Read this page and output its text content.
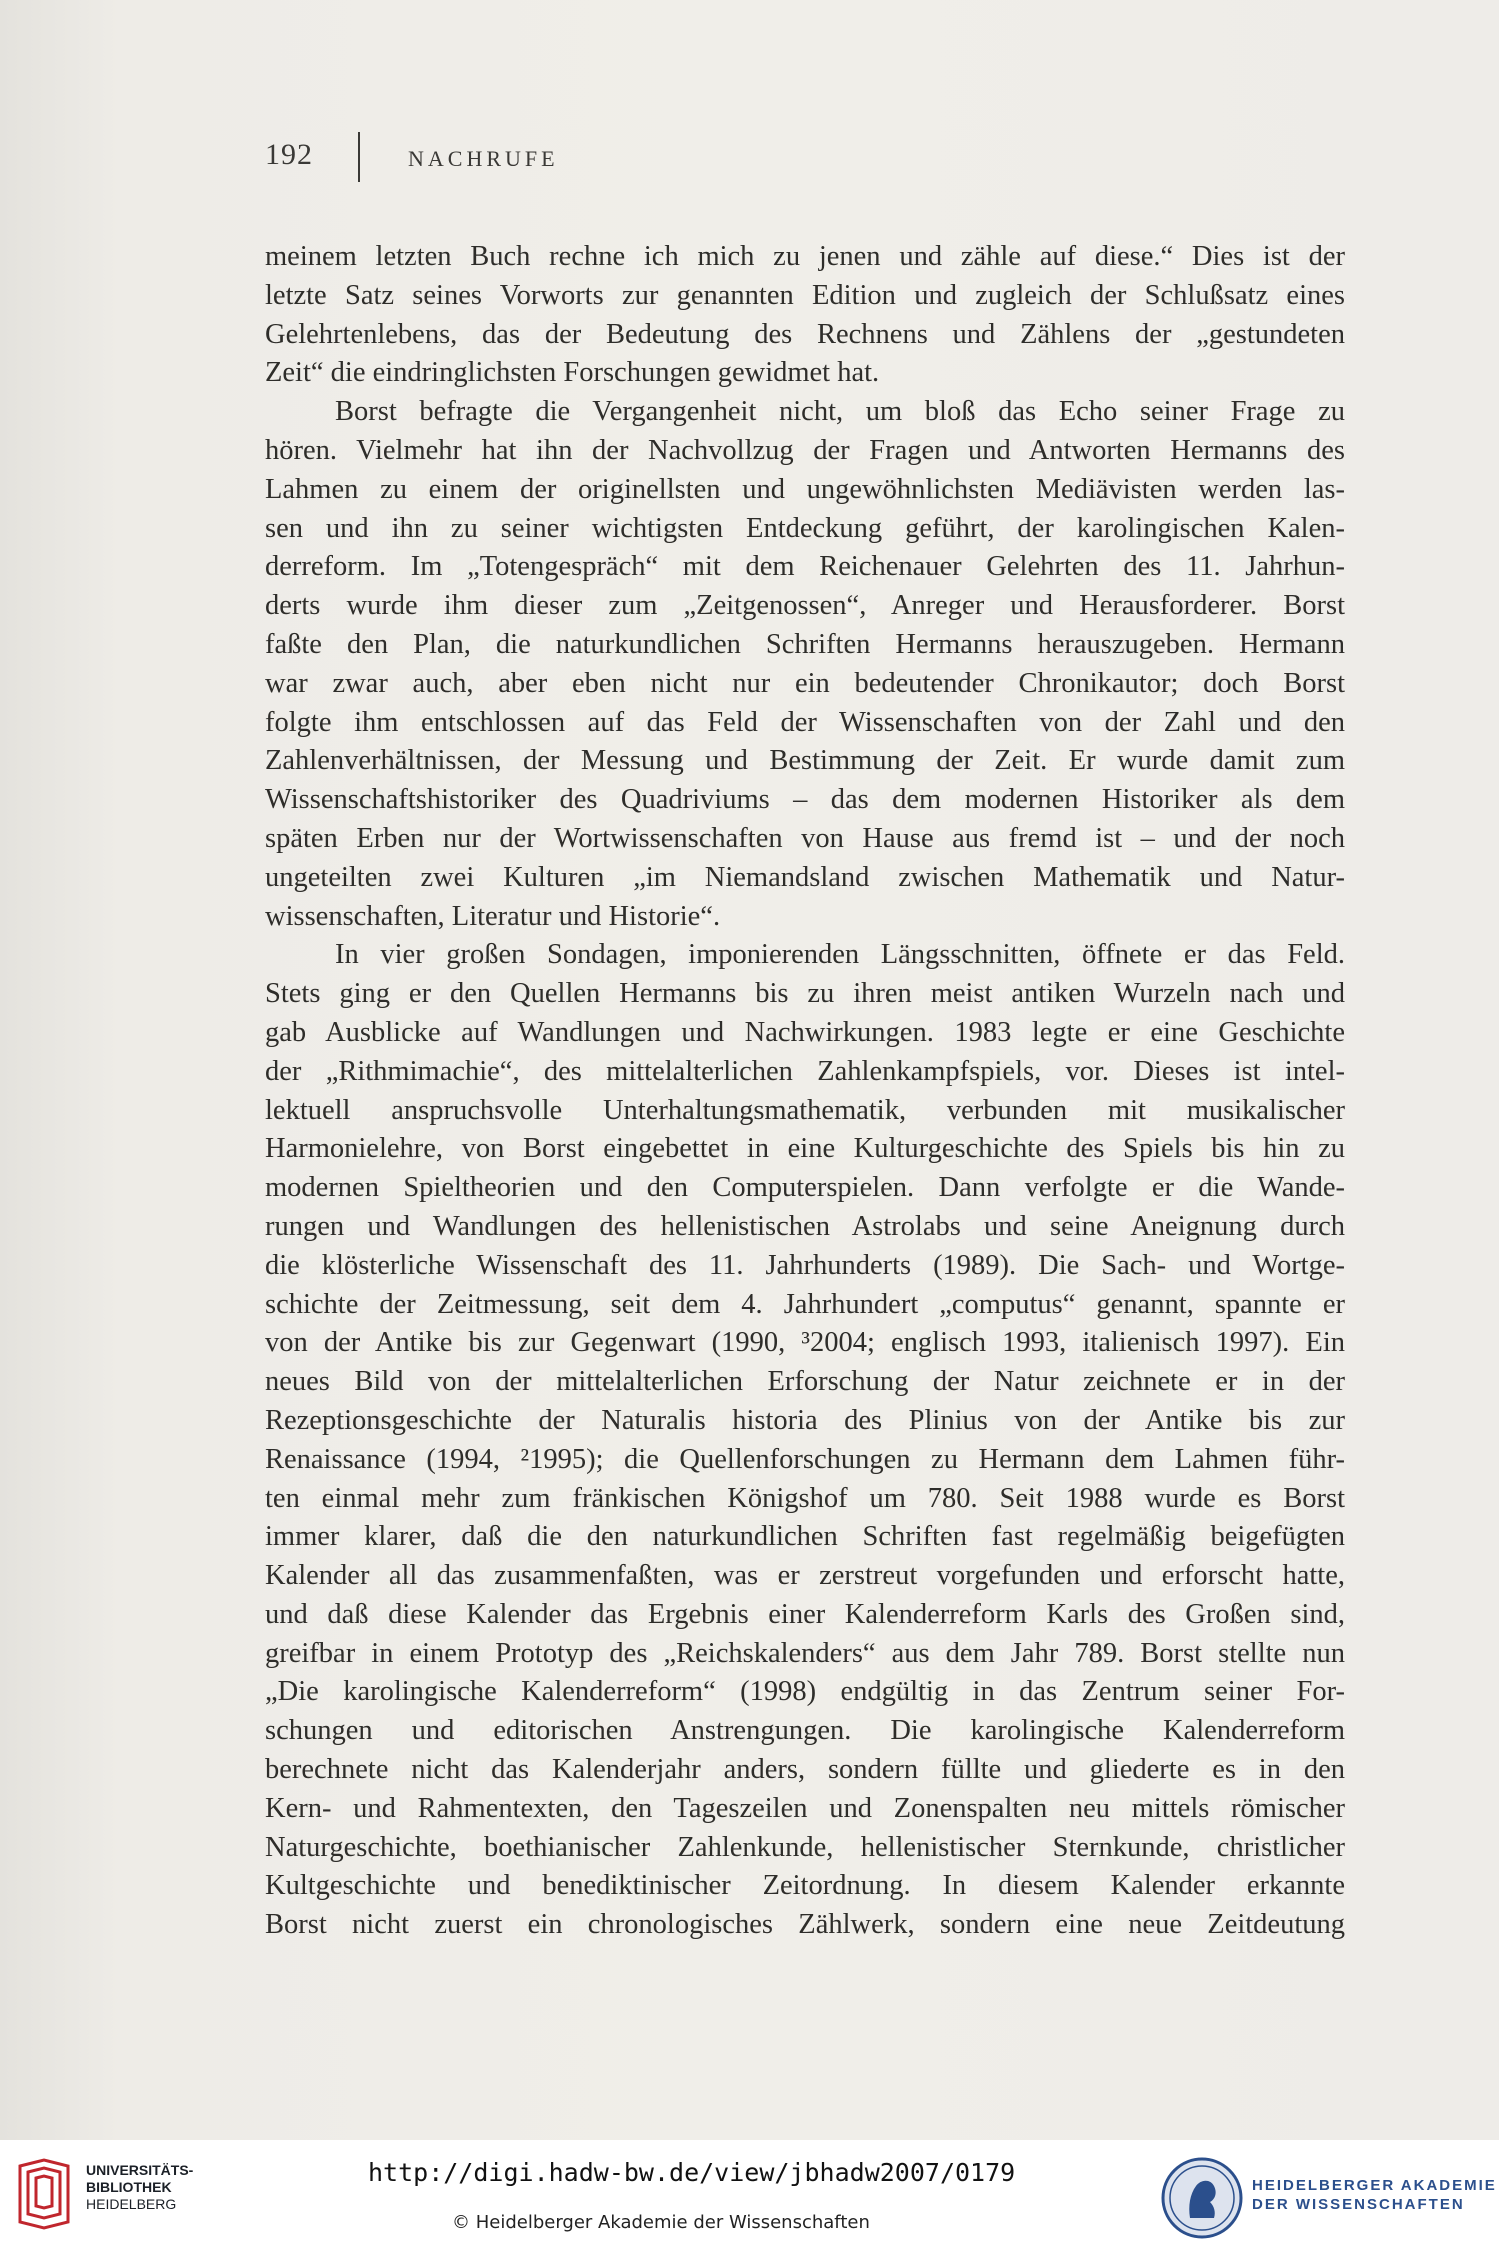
192	NACHRUFE
meinem letzten Buch rechne ich mich zu jenen und zähle auf diese.“ Dies ist der
letzte Satz seines Vorworts zur genannten Edition und zugleich der Schlußsatz eines
Gelehrtenlebens, das der Bedeutung des Rechnens und Zählens der „gestundeten
Zeit“ die eindringlichsten Forschungen gewidmet hat.
Borst befragte die Vergangenheit nicht, um bloß das Echo seiner Frage zu
hören. Vielmehr hat ihn der Nachvollzug der Fragen und Antworten Hermanns des
Lahmen zu einem der originellsten und ungewöhnlichsten Mediävisten werden las-
sen und ihn zu seiner wichtigsten Entdeckung geführt, der karolingischen Kalen-
derreform. Im „Totengespräch“ mit dem Reichenauer Gelehrten des 11. Jahrhun-
derts wurde ihm dieser zum „Zeitgenossen“, Anreger und Herausforderer. Borst
faßte den Plan, die naturkundlichen Schriften Hermanns herauszugeben. Hermann
war zwar auch, aber eben nicht nur ein bedeutender Chronikautor; doch Borst
folgte ihm entschlossen auf das Feld der Wissenschaften von der Zahl und den
Zahlenverhältnissen, der Messung und Bestimmung der Zeit. Er wurde damit zum
Wissenschaftshistoriker des Quadriviums – das dem modernen Historiker als dem
späten Erben nur der Wortwissenschaften von Hause aus fremd ist – und der noch
ungeteilten zwei Kulturen „im Niemandsland zwischen Mathematik und Natur-
wissenschaften, Literatur und Historie“.
In vier großen Sondagen, imponierenden Längsschnitten, öffnete er das Feld.
Stets ging er den Quellen Hermanns bis zu ihren meist antiken Wurzeln nach und
gab Ausblicke auf Wandlungen und Nachwirkungen. 1983 legte er eine Geschichte
der „Rithmimachie“, des mittelalterlichen Zahlenkampfspiels, vor. Dieses ist intel-
lektuell anspruchsvolle Unterhaltungsmathematik, verbunden mit musikalischer
Harmonielehre, von Borst eingebettet in eine Kulturgeschichte des Spiels bis hin zu
modernen Spieltheorien und den Computerspielen. Dann verfolgte er die Wande-
rungen und Wandlungen des hellenistischen Astrolabs und seine Aneignung durch
die klösterliche Wissenschaft des 11. Jahrhunderts (1989). Die Sach- und Wortge-
schichte der Zeitmessung, seit dem 4. Jahrhundert „computus“ genannt, spannte er
von der Antike bis zur Gegenwart (1990, ³2004; englisch 1993, italienisch 1997). Ein
neues Bild von der mittelalterlichen Erforschung der Natur zeichnete er in der
Rezeptionsgeschichte der Naturalis historia des Plinius von der Antike bis zur
Renaissance (1994, ²1995); die Quellenforschungen zu Hermann dem Lahmen führ-
ten einmal mehr zum fränkischen Königshof um 780. Seit 1988 wurde es Borst
immer klarer, daß die den naturkundlichen Schriften fast regelmäßig beigefügten
Kalender all das zusammenfaßten, was er zerstreut vorgefunden und erforscht hatte,
und daß diese Kalender das Ergebnis einer Kalenderreform Karls des Großen sind,
greifbar in einem Prototyp des „Reichskalenders“ aus dem Jahr 789. Borst stellte nun
„Die karolingische Kalenderreform“ (1998) endgültig in das Zentrum seiner For-
schungen und editorischen Anstrengungen. Die karolingische Kalenderreform
berechnete nicht das Kalenderjahr anders, sondern füllte und gliederte es in den
Kern- und Rahmentexten, den Tageszeilen und Zonenspalten neu mittels römischer
Naturgeschichte, boethianischer Zahlenkunde, hellenistischer Sternkunde, christlicher
Kultgeschichte und benediktinischer Zeitordnung. In diesem Kalender erkannte
Borst nicht zuerst ein chronologisches Zählwerk, sondern eine neue Zeitdeutung
UNIVERSITÄTS-
BIBLIOTHEK
HEIDELBERG
http://digi.hadw-bw.de/view/jbhadw2007/0179
© Heidelberger Akademie der Wissenschaften
HEIDELBERGER AKADEMIE
DER WISSENSCHAFTEN
